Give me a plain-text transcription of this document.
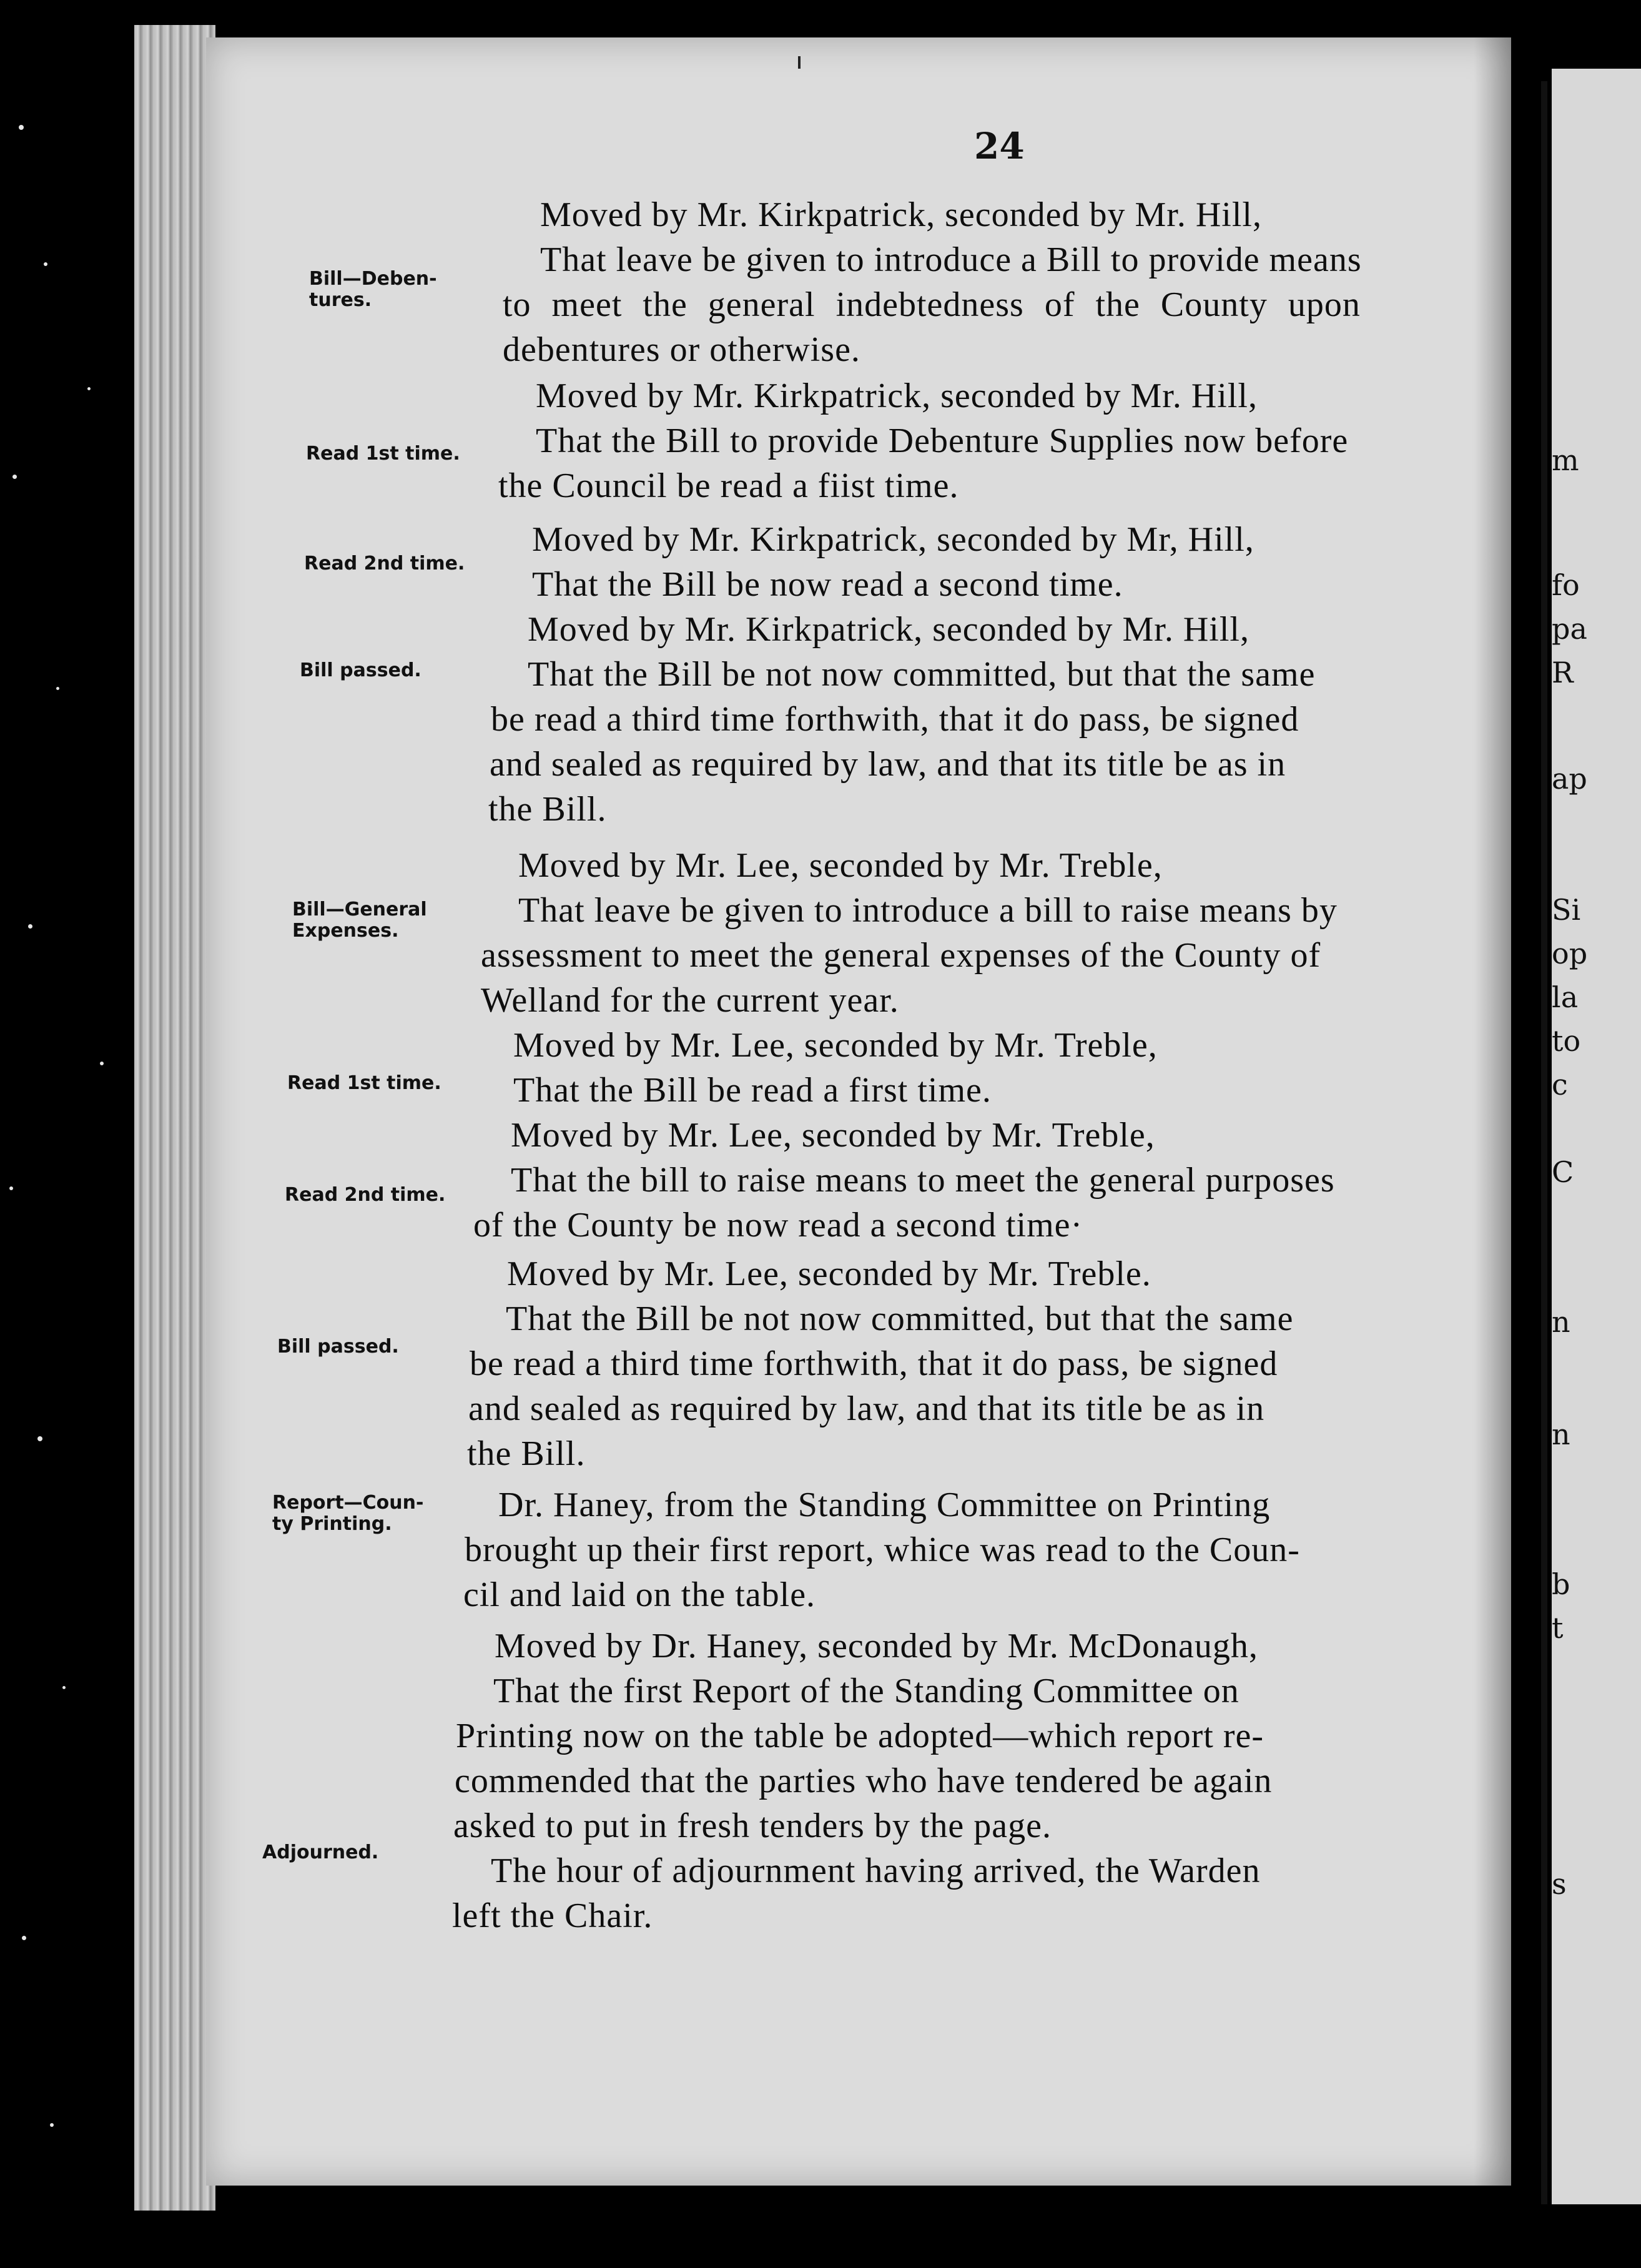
m
fo
pa
R
ap
Si
op
la
to
c
C
n
n
b
t
s
24
Bill—Deben-
tures.
Read 1st time.
Read 2nd time.
Bill passed.
Bill—General
Expenses.
Read 1st time.
Read 2nd time.
Bill passed.
Report—Coun-
ty Printing.
Adjourned.
Moved by Mr. Kirkpatrick, seconded by Mr. Hill,
That leave be given to introduce a Bill to provide means
to meet the general indebtedness of the County upon
debentures or otherwise.
Moved by Mr. Kirkpatrick, seconded by Mr. Hill,
That the Bill to provide Debenture Supplies now before
the Council be read a fiist time.
Moved by Mr. Kirkpatrick, seconded by Mr, Hill,
That the Bill be now read a second time.
Moved by Mr. Kirkpatrick, seconded by Mr. Hill,
That the Bill be not now committed, but that the same
be read a third time forthwith, that it do pass, be signed
and sealed as required by law, and that its title be as in
the Bill.
Moved by Mr. Lee, seconded by Mr. Treble,
That leave be given to introduce a bill to raise means by
assessment to meet the general expenses of the County of
Welland for the current year.
Moved by Mr. Lee, seconded by Mr. Treble,
That the Bill be read a first time.
Moved by Mr. Lee, seconded by Mr. Treble,
That the bill to raise means to meet the general purposes
of the County be now read a second time·
Moved by Mr. Lee, seconded by Mr. Treble.
That the Bill be not now committed, but that the same
be read a third time forthwith, that it do pass, be signed
and sealed as required by law, and that its title be as in
the Bill.
Dr. Haney, from the Standing Committee on Printing
brought up their first report, whice was read to the Coun-
cil and laid on the table.
Moved by Dr. Haney, seconded by Mr. McDonaugh,
That the first Report of the Standing Committee on
Printing now on the table be adopted—which report re-
commended that the parties who have tendered be again
asked to put in fresh tenders by the page.
The hour of adjournment having arrived, the Warden
left the Chair.
